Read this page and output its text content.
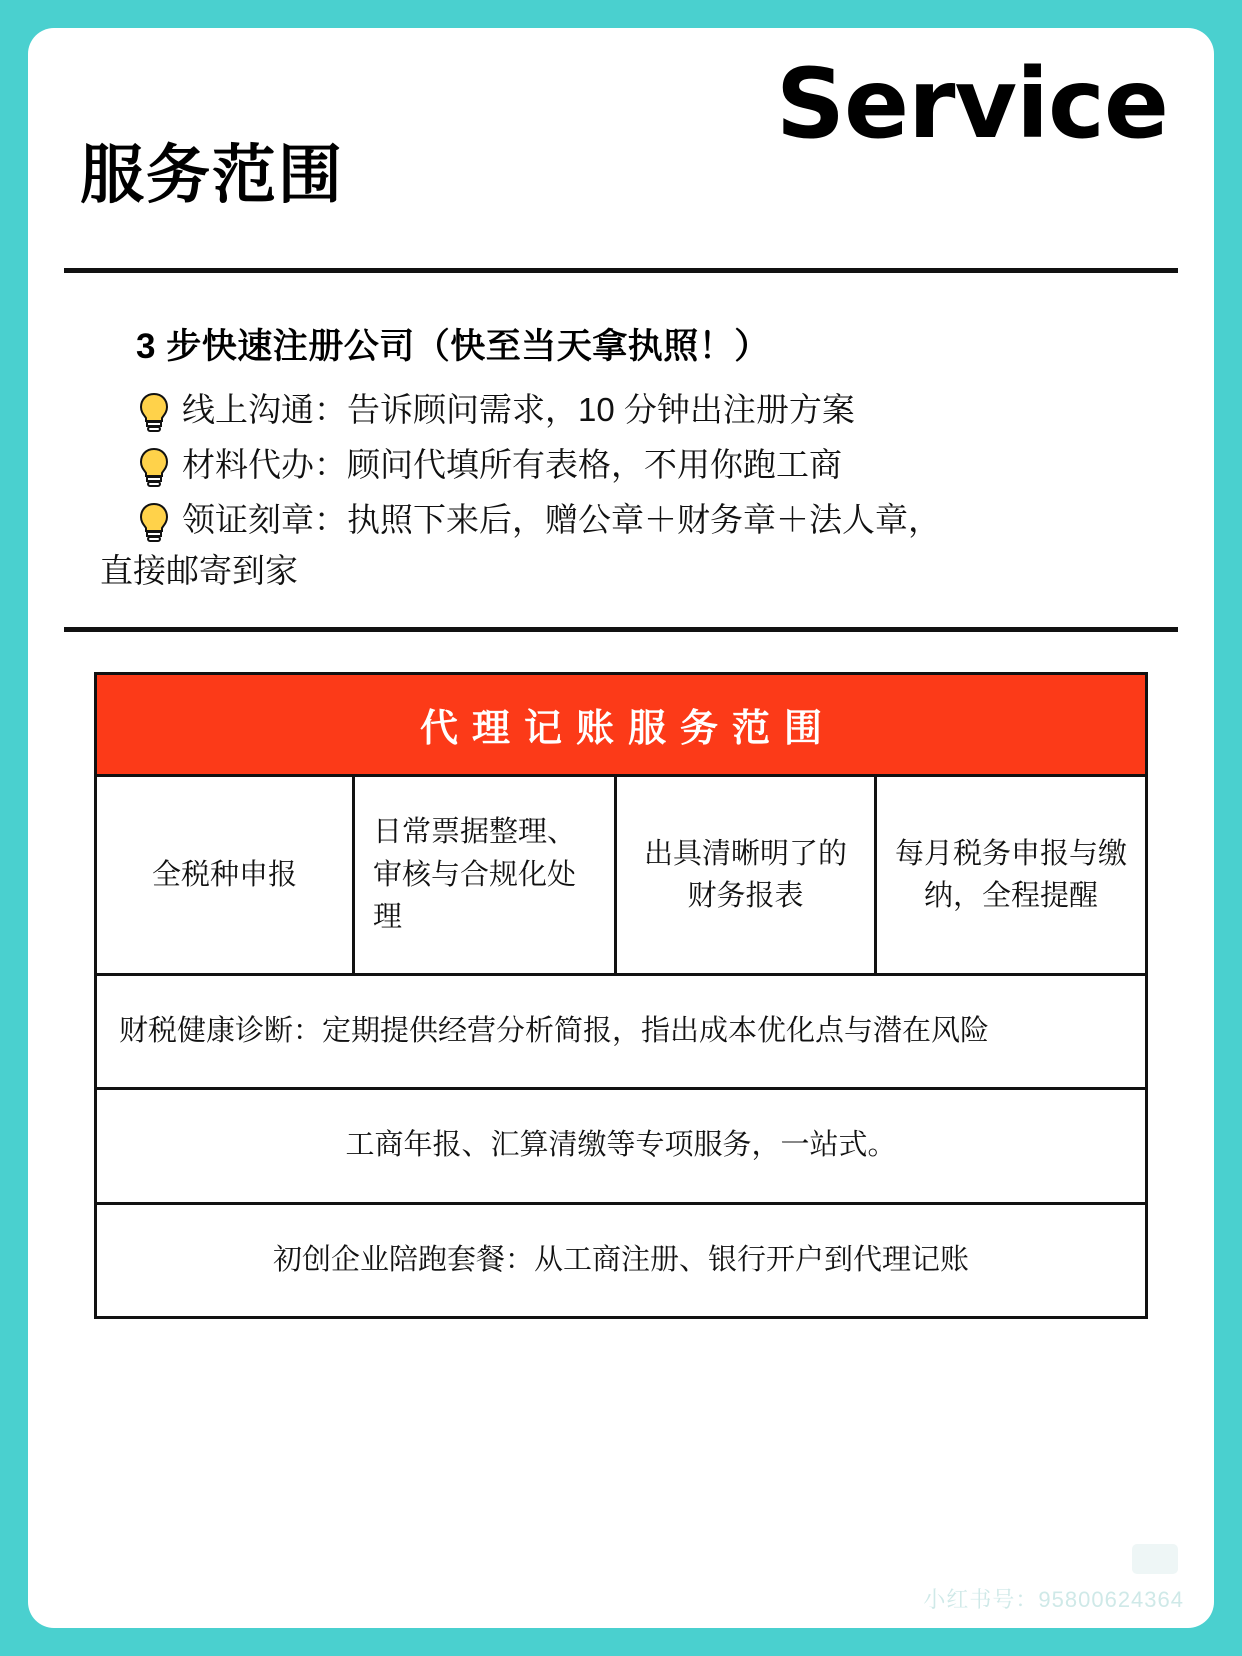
Service
服务范围
3 步快速注册公司（快至当天拿执照！）
线上沟通：告诉顾问需求，10 分钟出注册方案
材料代办：顾问代填所有表格，不用你跑工商
领证刻章：执照下来后，赠公章＋财务章＋法人章，
直接邮寄到家
代理记账服务范围
全税种申报
日常票据整理、审核与合规化处理
出具清晰明了的财务报表
每月税务申报与缴纳，全程提醒
财税健康诊断：定期提供经营分析简报，指出成本优化点与潜在风险
工商年报、汇算清缴等专项服务，一站式。
初创企业陪跑套餐：从工商注册、银行开户到代理记账
小红书号：95800624364
